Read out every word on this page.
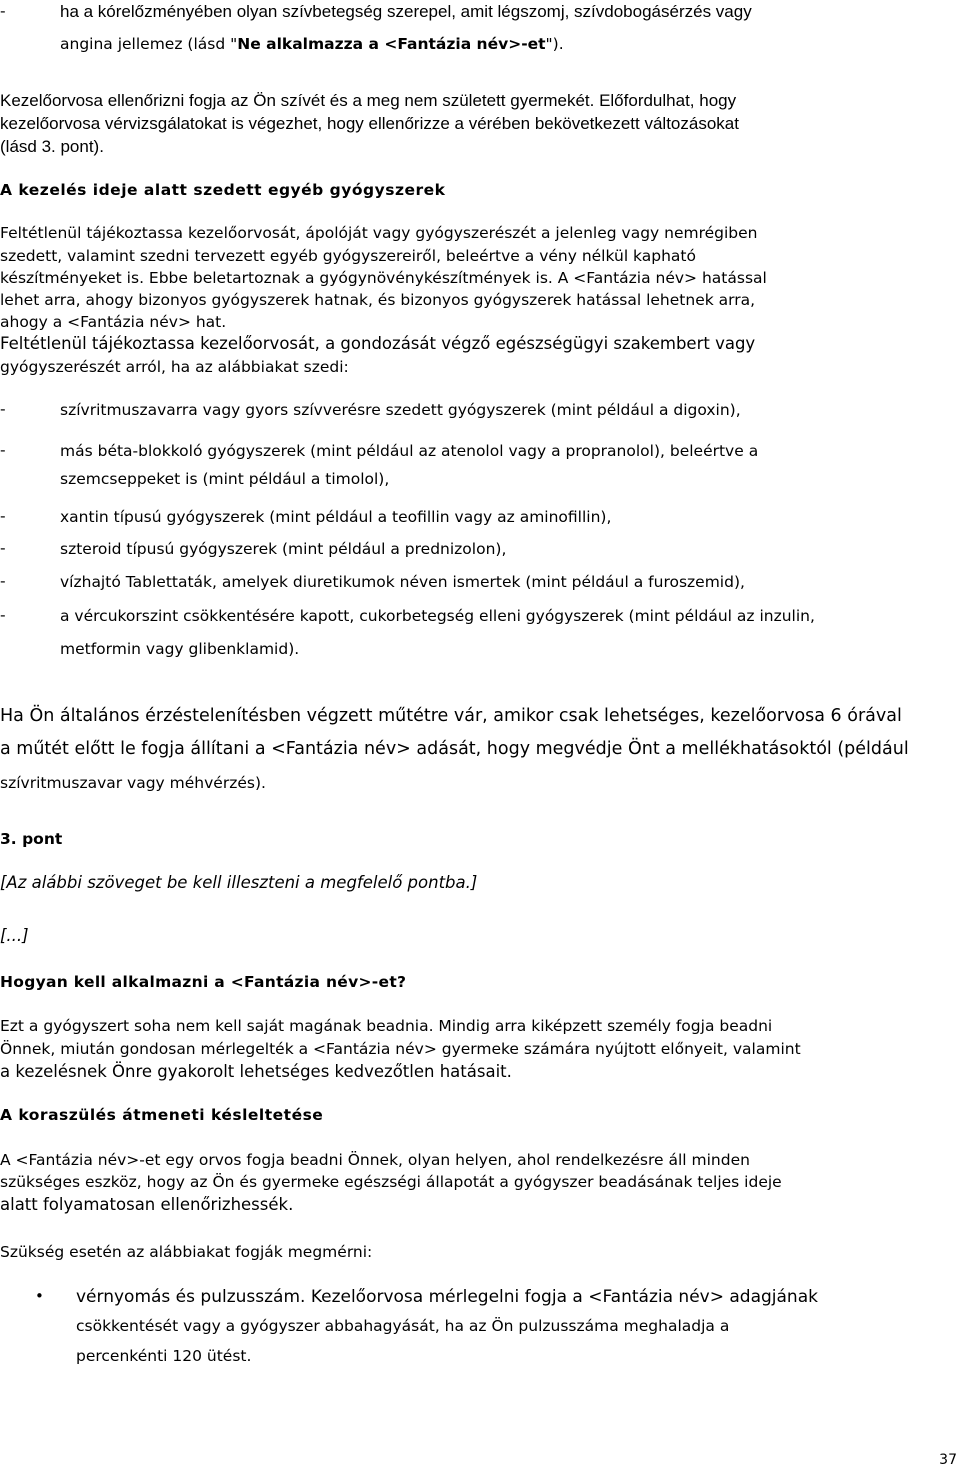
-	ha a kórelőzményében olyan szívbetegség szerepel, amit légszomj, szívdobogásérzés vagy
angina jellemez (lásd "Ne alkalmazza a <Fantázia név>-et").
Kezelőorvosa ellenőrizni fogja az Ön szívét és a meg nem született gyermekét. Előfordulhat, hogy
kezelőorvosa vérvizsgálatokat is végezhet, hogy ellenőrizze a vérében bekövetkezett változásokat
(lásd 3. pont).
A kezelés ideje alatt szedett egyéb gyógyszerek
Feltétlenül tájékoztassa kezelőorvosát, ápolóját vagy gyógyszerészét a jelenleg vagy nemrégiben
szedett, valamint szedni tervezett egyéb gyógyszereiről, beleértve a vény nélkül kapható
készítményeket is. Ebbe beletartoznak a gyógynövénykészítmények is. A <Fantázia név> hatással
lehet arra, ahogy bizonyos gyógyszerek hatnak, és bizonyos gyógyszerek hatással lehetnek arra,
ahogy a <Fantázia név> hat.
Feltétlenül tájékoztassa kezelőorvosát, a gondozását végző egészségügyi szakembert vagy
gyógyszerészét arról, ha az alábbiakat szedi:
-	szívritmuszavarra vagy gyors szívverésre szedett gyógyszerek (mint például a digoxin),
-	más béta-blokkoló gyógyszerek (mint például az atenolol vagy a propranolol), beleértve a
szemcseppeket is (mint például a timolol),
-	xantin típusú gyógyszerek (mint például a teofillin vagy az aminofillin),
-	szteroid típusú gyógyszerek (mint például a prednizolon),
-	vízhajtó Tablettaták, amelyek diuretikumok néven ismertek (mint például a furoszemid),
-	a vércukorszint csökkentésére kapott, cukorbetegség elleni gyógyszerek (mint például az inzulin,
metformin vagy glibenklamid).
Ha Ön általános érzéstelenítésben végzett műtétre vár, amikor csak lehetséges, kezelőorvosa 6 órával
a műtét előtt le fogja állítani a <Fantázia név> adását, hogy megvédje Önt a mellékhatásoktól (például
szívritmuszavar vagy méhvérzés).
3. pont
[Az alábbi szöveget be kell illeszteni a megfelelő pontba.]
[...]
Hogyan kell alkalmazni a <Fantázia név>-et?
Ezt a gyógyszert soha nem kell saját magának beadnia. Mindig arra kiképzett személy fogja beadni
Önnek, miután gondosan mérlegelték a <Fantázia név> gyermeke számára nyújtott előnyeit, valamint
a kezelésnek Önre gyakorolt lehetséges kedvezőtlen hatásait.
A koraszülés átmeneti késleltetése
A <Fantázia név>-et egy orvos fogja beadni Önnek, olyan helyen, ahol rendelkezésre áll minden
szükséges eszköz, hogy az Ön és gyermeke egészségi állapotát a gyógyszer beadásának teljes ideje
alatt folyamatosan ellenőrizhessék.
Szükség esetén az alábbiakat fogják megmérni:
• vérnyomás és pulzusszám. Kezelőorvosa mérlegelni fogja a <Fantázia név> adagjának
csökkentését vagy a gyógyszer abbahagyását, ha az Ön pulzusszáma meghaladja a
percenkénti 120 ütést.
37
